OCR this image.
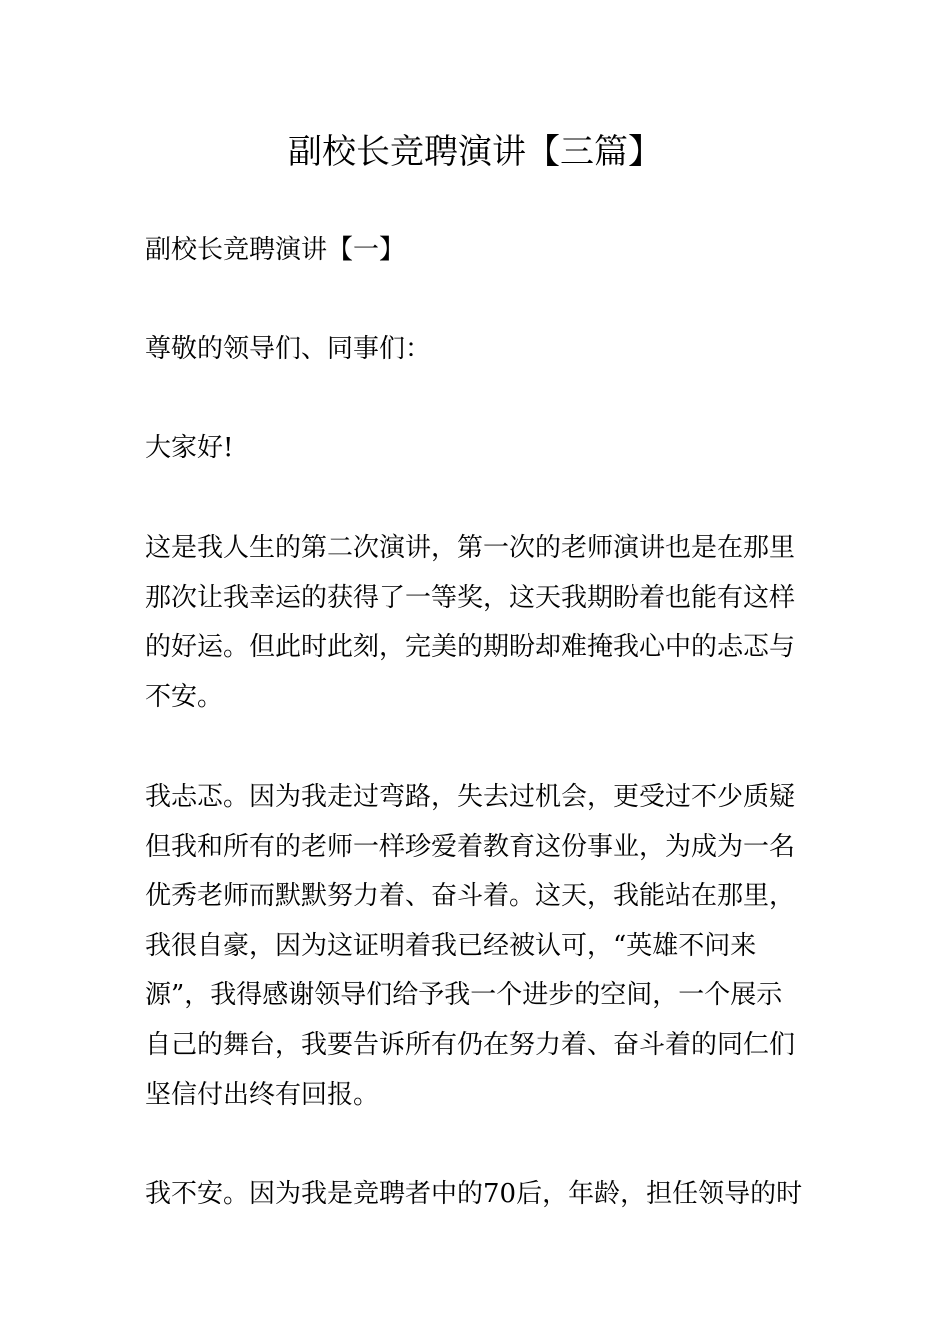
副校长竞聘演讲【三篇】

副校长竞聘演讲【一】

尊敬的领导们、同事们：

大家好!

这是我人生的第二次演讲，第一次的老师演讲也是在那里
那次让我幸运的获得了一等奖，这天我期盼着也能有这样
的好运。但此时此刻，完美的期盼却难掩我心中的忐忑与
不安。

我忐忑。因为我走过弯路，失去过机会，更受过不少质疑
但我和所有的老师一样珍爱着教育这份事业，为成为一名
优秀老师而默默努力着、奋斗着。这天，我能站在那里，
我很自豪，因为这证明着我已经被认可，“英雄不问来
源”，我得感谢领导们给予我一个进步的空间，一个展示
自己的舞台，我要告诉所有仍在努力着、奋斗着的同仁们
坚信付出终有回报。

我不安。因为我是竞聘者中的70后，年龄，担任领导的时
